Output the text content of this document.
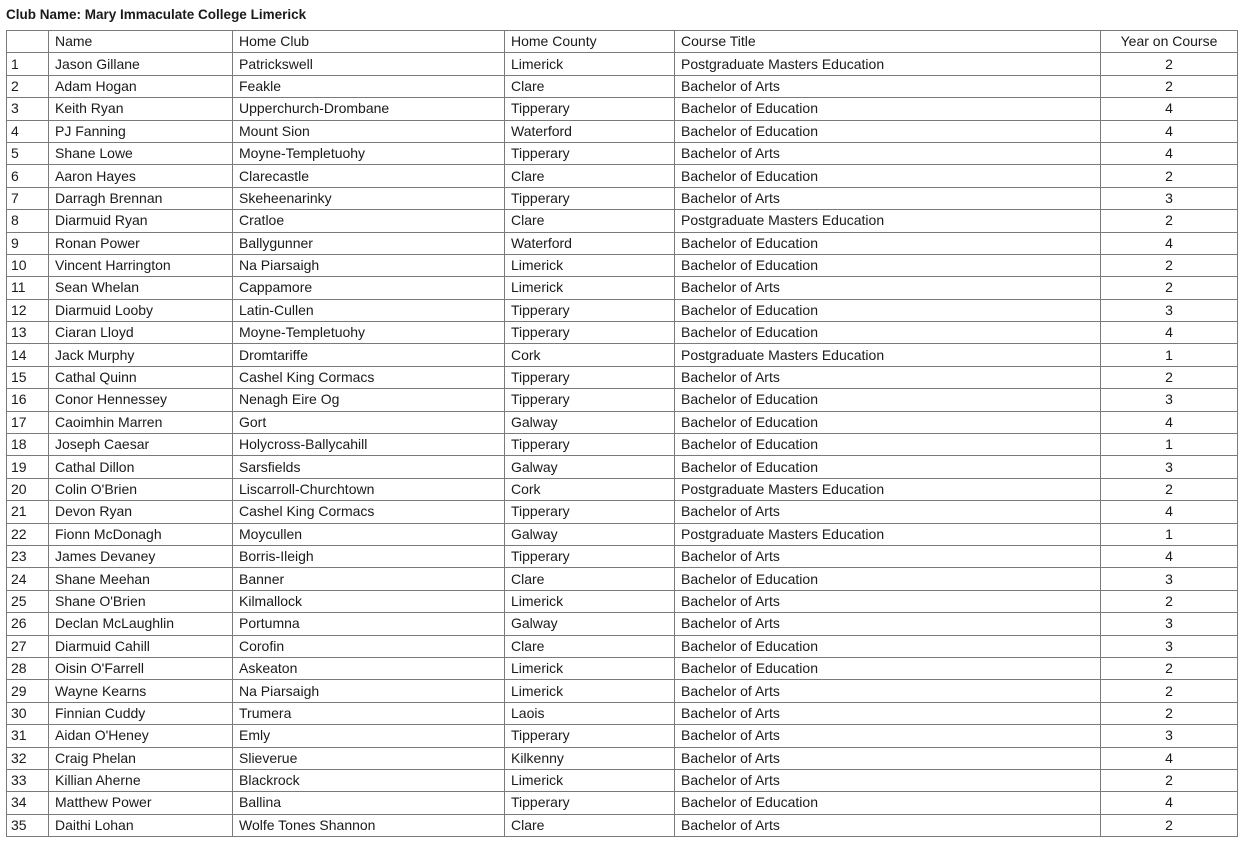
Club Name: Mary Immaculate College Limerick
	Name	Home Club	Home County	Course Title	Year on Course
1	Jason Gillane	Patrickswell	Limerick	Postgraduate Masters Education	2
2	Adam Hogan	Feakle	Clare	Bachelor of Arts	2
3	Keith Ryan	Upperchurch-Drombane	Tipperary	Bachelor of Education	4
4	PJ Fanning	Mount Sion	Waterford	Bachelor of Education	4
5	Shane Lowe	Moyne-Templetuohy	Tipperary	Bachelor of Arts	4
6	Aaron Hayes	Clarecastle	Clare	Bachelor of Education	2
7	Darragh Brennan	Skeheenarinky	Tipperary	Bachelor of Arts	3
8	Diarmuid Ryan	Cratloe	Clare	Postgraduate Masters Education	2
9	Ronan Power	Ballygunner	Waterford	Bachelor of Education	4
10	Vincent Harrington	Na Piarsaigh	Limerick	Bachelor of Education	2
11	Sean Whelan	Cappamore	Limerick	Bachelor of Arts	2
12	Diarmuid Looby	Latin-Cullen	Tipperary	Bachelor of Education	3
13	Ciaran Lloyd	Moyne-Templetuohy	Tipperary	Bachelor of Education	4
14	Jack Murphy	Dromtariffe	Cork	Postgraduate Masters Education	1
15	Cathal Quinn	Cashel King Cormacs	Tipperary	Bachelor of Arts	2
16	Conor Hennessey	Nenagh Eire Og	Tipperary	Bachelor of Education	3
17	Caoimhin Marren	Gort	Galway	Bachelor of Education	4
18	Joseph Caesar	Holycross-Ballycahill	Tipperary	Bachelor of Education	1
19	Cathal Dillon	Sarsfields	Galway	Bachelor of Education	3
20	Colin O'Brien	Liscarroll-Churchtown	Cork	Postgraduate Masters Education	2
21	Devon Ryan	Cashel King Cormacs	Tipperary	Bachelor of Arts	4
22	Fionn McDonagh	Moycullen	Galway	Postgraduate Masters Education	1
23	James Devaney	Borris-Ileigh	Tipperary	Bachelor of Arts	4
24	Shane Meehan	Banner	Clare	Bachelor of Education	3
25	Shane O'Brien	Kilmallock	Limerick	Bachelor of Arts	2
26	Declan McLaughlin	Portumna	Galway	Bachelor of Arts	3
27	Diarmuid Cahill	Corofin	Clare	Bachelor of Education	3
28	Oisin O'Farrell	Askeaton	Limerick	Bachelor of Education	2
29	Wayne Kearns	Na Piarsaigh	Limerick	Bachelor of Arts	2
30	Finnian Cuddy	Trumera	Laois	Bachelor of Arts	2
31	Aidan O'Heney	Emly	Tipperary	Bachelor of Arts	3
32	Craig Phelan	Slieverue	Kilkenny	Bachelor of Arts	4
33	Killian Aherne	Blackrock	Limerick	Bachelor of Arts	2
34	Matthew Power	Ballina	Tipperary	Bachelor of Education	4
35	Daithi Lohan	Wolfe Tones Shannon	Clare	Bachelor of Arts	2
